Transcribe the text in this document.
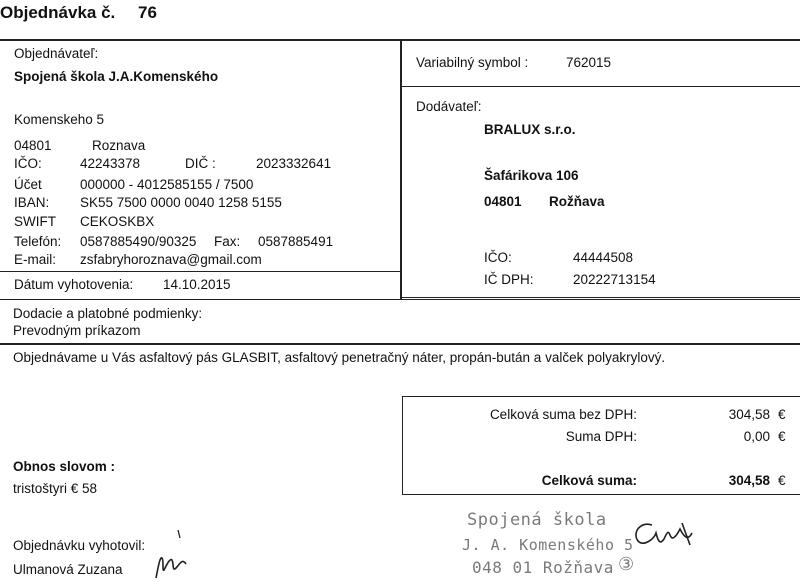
Objednávka č. 76
Objednávateľ:
Spojená škola J.A.Komenského
Komenskeho 5
04801	Roznava
IČO:	42243378	DIČ :	2023332641
Účet	000000 - 4012585155 / 7500
IBAN: SK55 7500 0000 0040 1258 5155
SWIFT CEKOSKBX
Telefón: 0587885490/90325 Fax: 0587885491
E-mail: zsfabryhoroznava@gmail.com
Dátum vyhotovenia: 14.10.2015
Variabilný symbol :	762015
Dodávateľ:
BRALUX s.r.o.
Šafárikova 106
04801 Rožňava
IČO:	44444508
IČ DPH:	20222713154
Dodacie a platobné podmienky:
Prevodným príkazom
Objednávame u Vás asfaltový pás GLASBIT, asfaltový penetračný náter, propán-bután a valček polyakrylový.
Celková suma bez DPH:	304,58 €
Suma DPH:	0,00 €
Celková suma:	304,58 €
Obnos slovom :
tristoštyri € 58
Objednávku vyhotovil:
Ulmanová Zuzana
Spojená škola
J. A. Komenského 5
048 01 Rožňava ③
